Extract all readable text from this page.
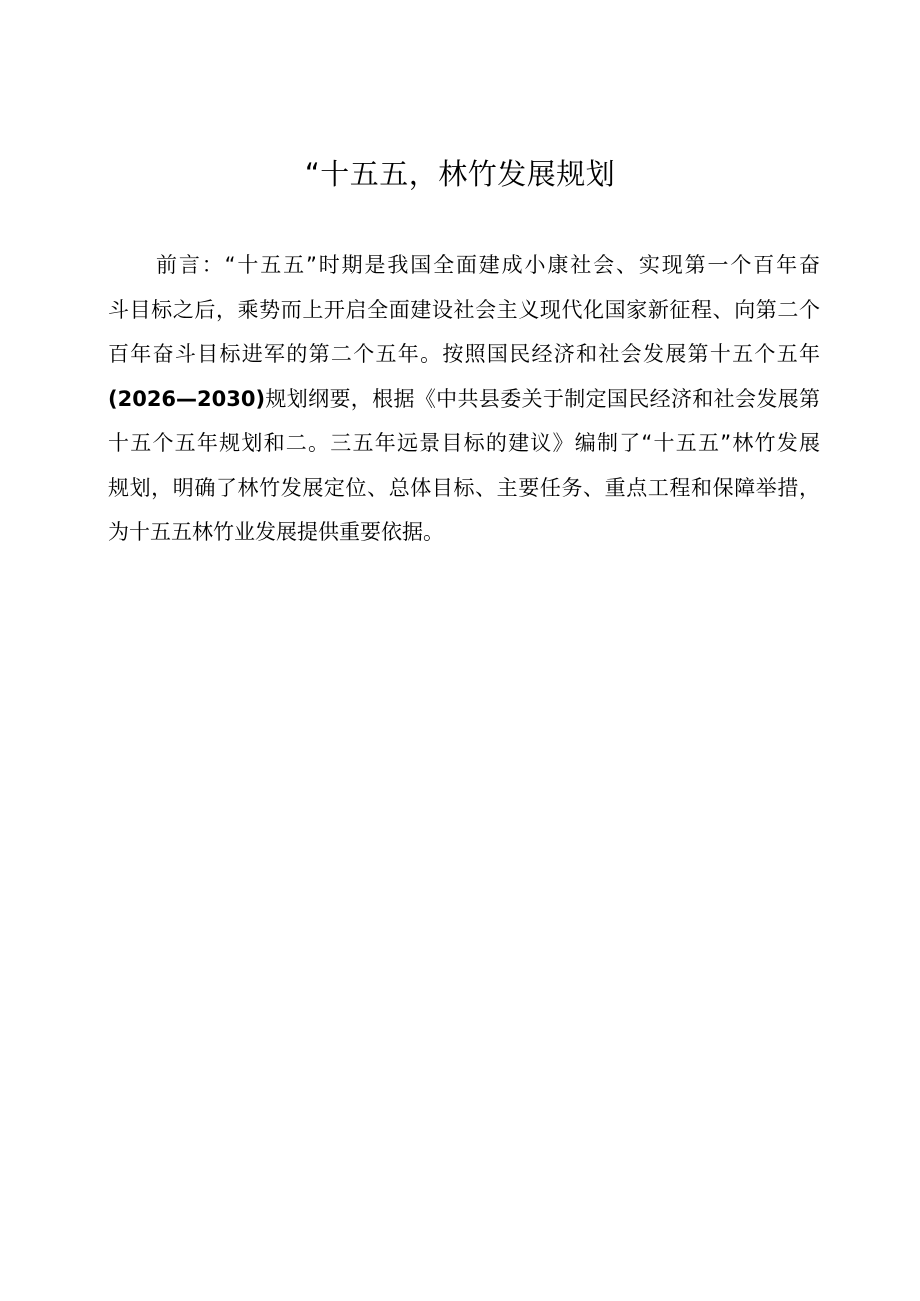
“十五五，林竹发展规划
前言：“十五五”时期是我国全面建成小康社会、实现第一个百年奋
斗目标之后，乘势而上开启全面建设社会主义现代化国家新征程、向第二个
百年奋斗目标进军的第二个五年。按照国民经济和社会发展第十五个五年
(2026—2030)规划纲要，根据《中共县委关于制定国民经济和社会发展第
十五个五年规划和二。三五年远景目标的建议》编制了“十五五”林竹发展
规划，明确了林竹发展定位、总体目标、主要任务、重点工程和保障举措，
为十五五林竹业发展提供重要依据。
